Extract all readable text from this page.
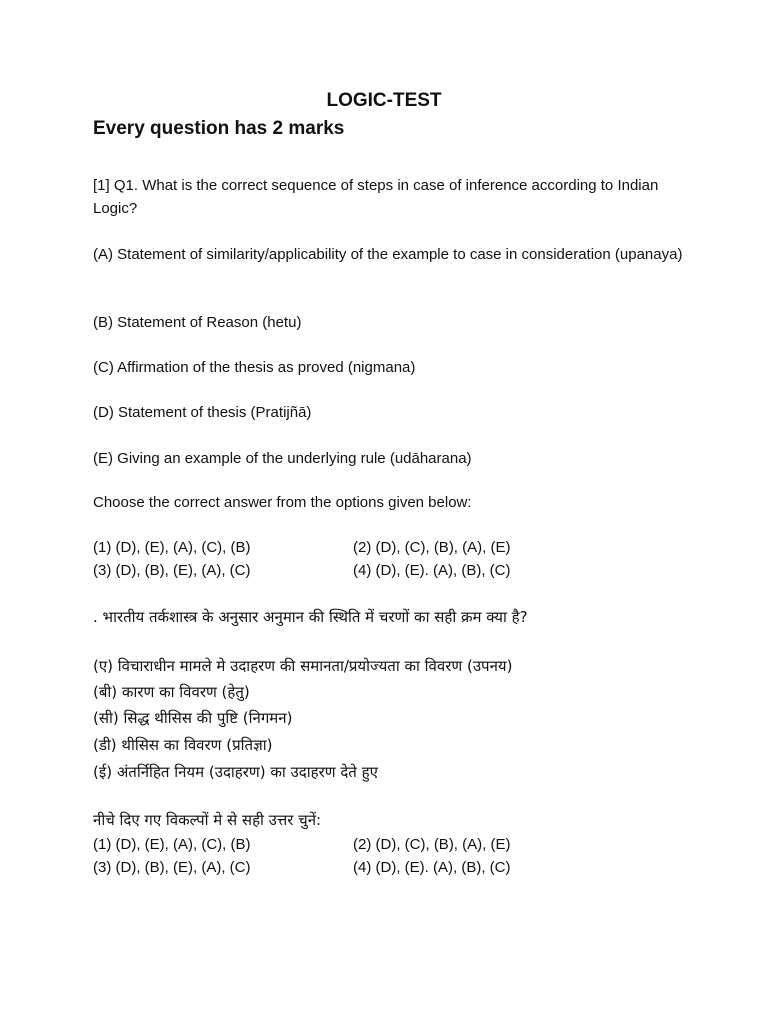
LOGIC-TEST
Every question has 2 marks
[1] Q1. What is the correct sequence of steps in case of inference according to Indian Logic?
(A) Statement of similarity/applicability of the example to case in consideration (upanaya)
(B) Statement of Reason (hetu)
(C) Affirmation of the thesis as proved (nigmana)
(D) Statement of thesis (Pratijñā)
(E) Giving an example of the underlying rule (udāharana)
Choose the correct answer from the options given below:
(1) (D), (E), (A), (C), (B)	(2) (D), (C), (B), (A), (E)
(3) (D), (B), (E), (A), (C)	(4) (D), (E). (A), (B), (C)
. भारतीय तर्कशास्त्र के अनुसार अनुमान की स्थिति में चरणों का सही क्रम क्या है?
(ए) विचाराधीन मामले मे उदाहरण की समानता/प्रयोज्यता का विवरण (उपनय)
(बी) कारण का विवरण (हेतु)
(सी) सिद्ध थीसिस की पुष्टि (निगमन)
(डी) थीसिस का विवरण (प्रतिज्ञा)
(ई) अंतर्निहित नियम (उदाहरण) का उदाहरण देते हुए
नीचे दिए गए विकल्पों मे से सही उत्तर चुनें:
(1) (D), (E), (A), (C), (B)	(2) (D), (C), (B), (A), (E)
(3) (D), (B), (E), (A), (C)	(4) (D), (E). (A), (B), (C)
